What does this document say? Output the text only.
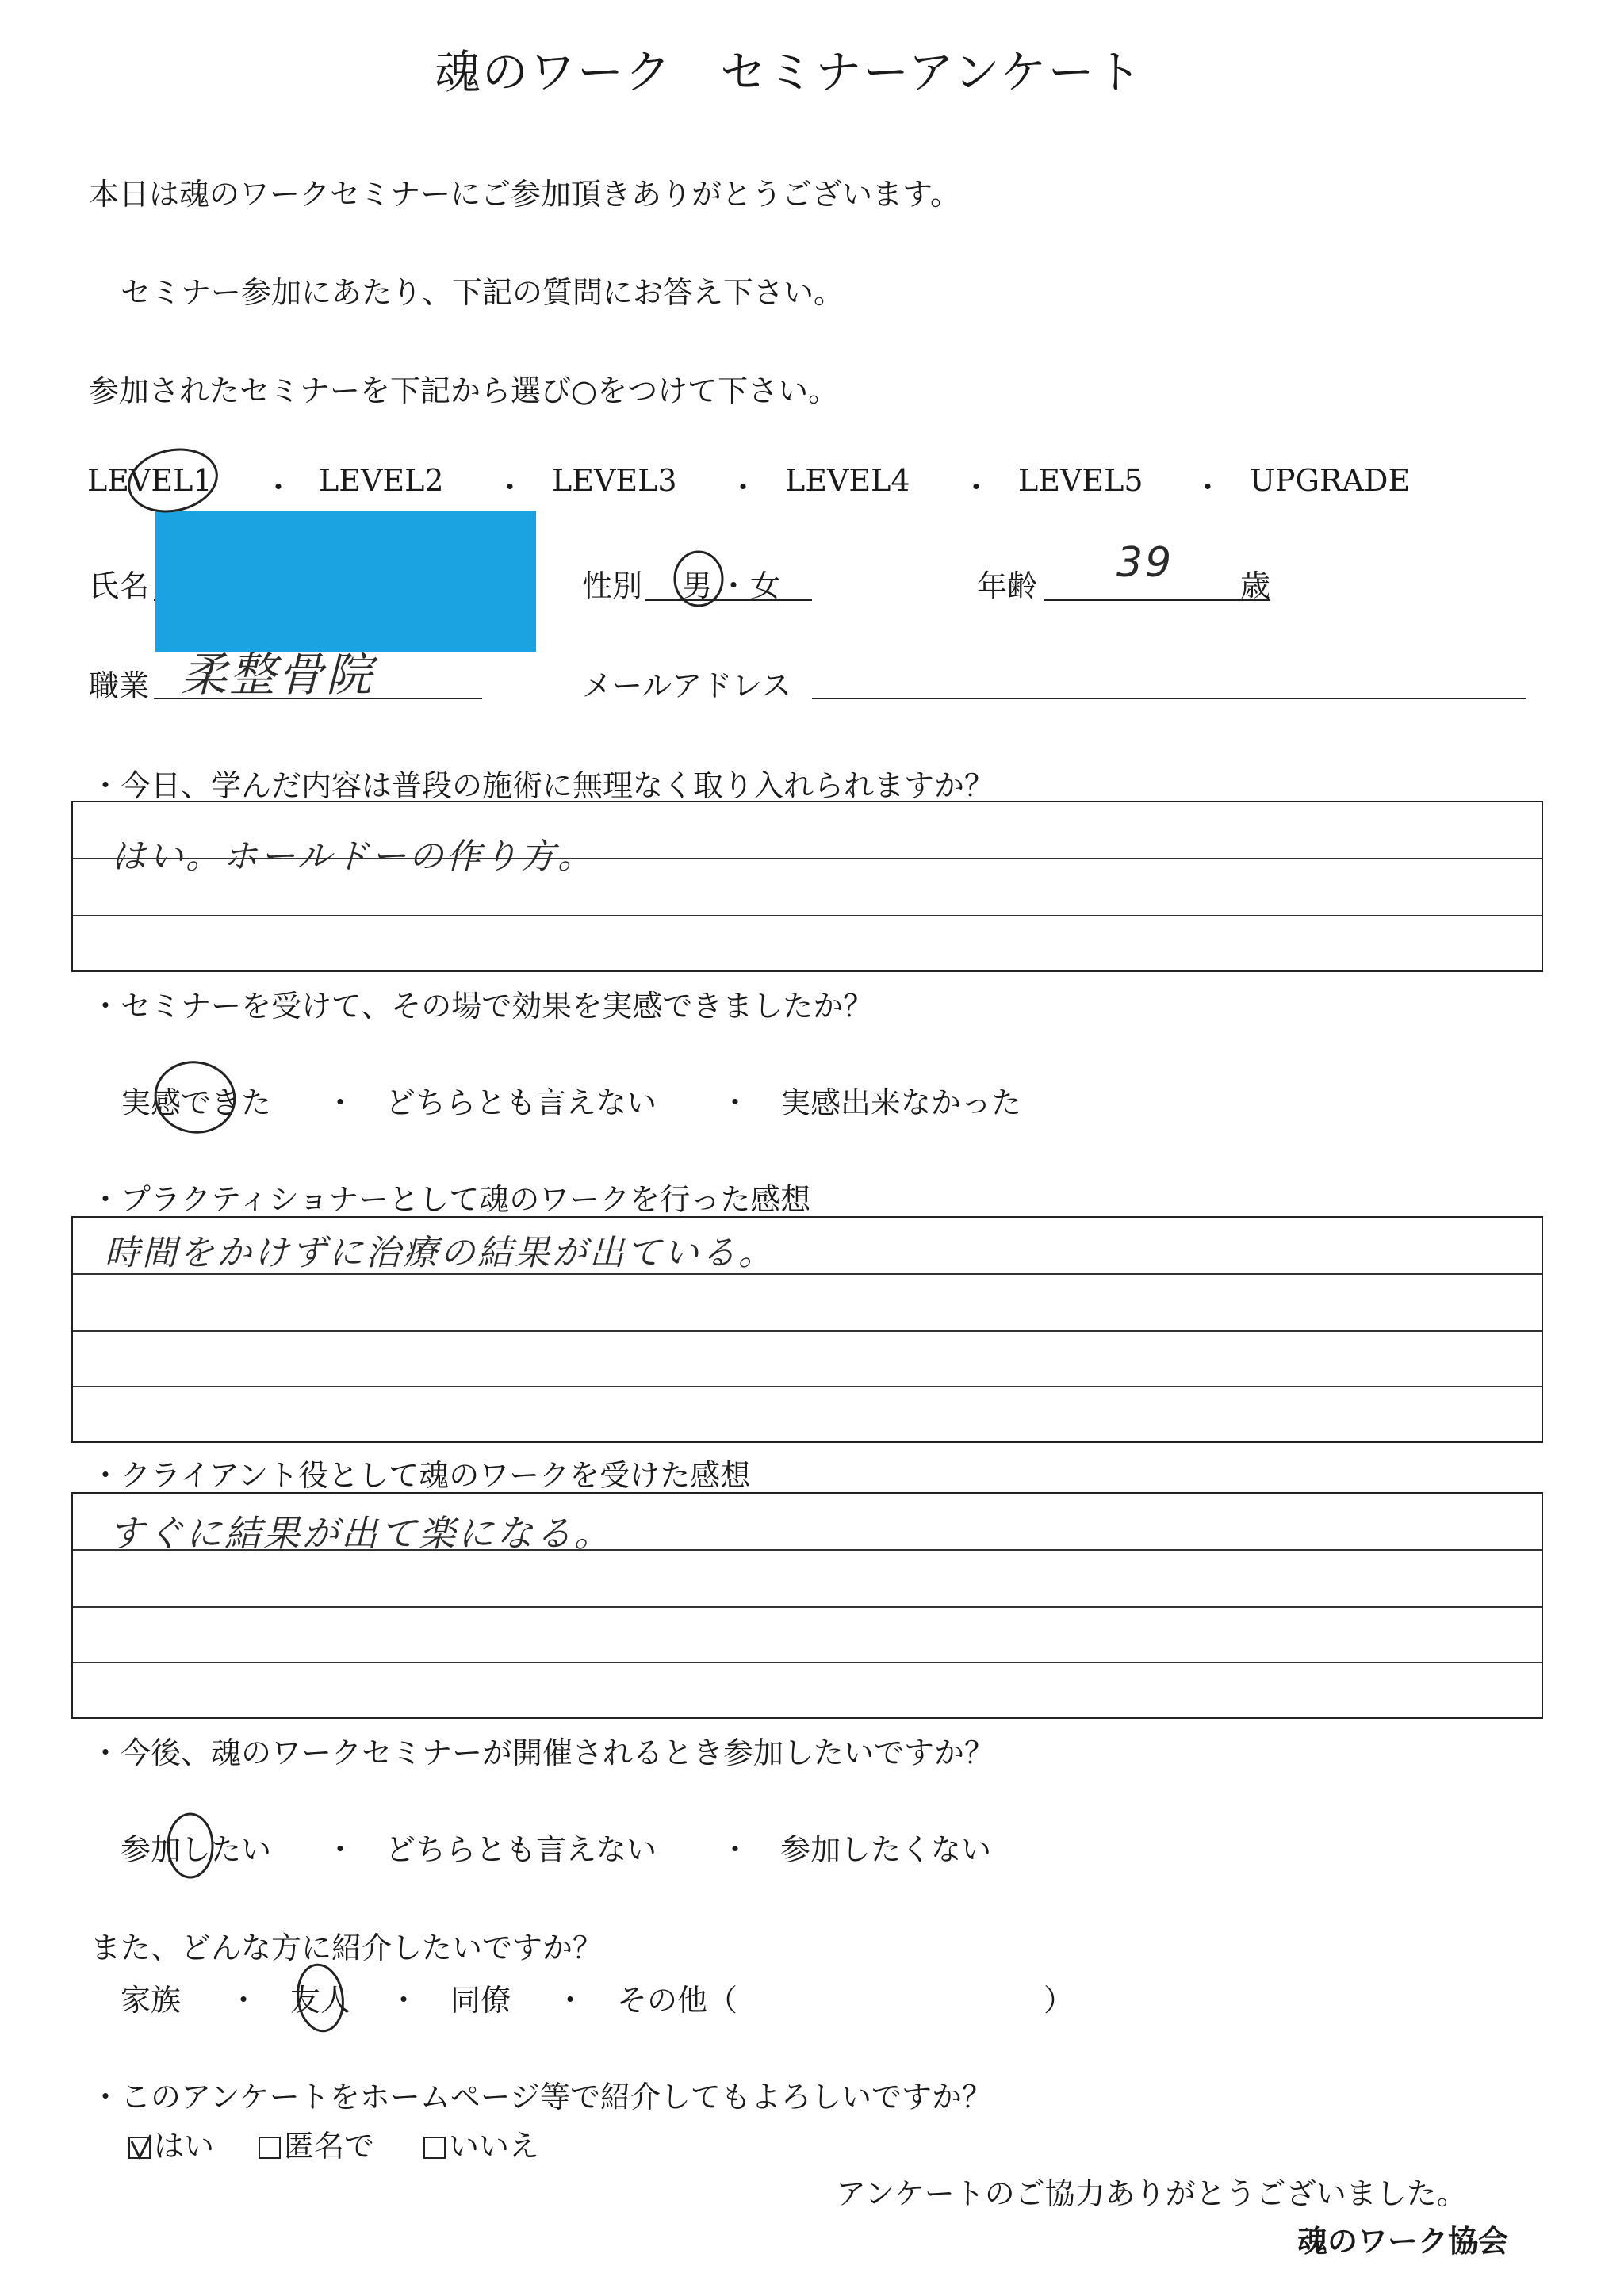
魂のワーク　セミナーアンケート
本日は魂のワークセミナーにご参加頂きありがとうございます。
セミナー参加にあたり、下記の質問にお答え下さい。
参加されたセミナーを下記から選び○をつけて下さい。
LEVEL1 ・ LEVEL2 ・ LEVEL3 ・ LEVEL4 ・ LEVEL5 ・ UPGRADE
氏名	性別 男 ・ 女	年齢 39 歳
職業 柔整骨院	メールアドレス
・今日、学んだ内容は普段の施術に無理なく取り入れられますか？
はい。ホールドーの作り方。
・セミナーを受けて、その場で効果を実感できましたか？
実感できた ・ どちらとも言えない ・ 実感出来なかった
・プラクティショナーとして魂のワークを行った感想
時間をかけずに治療の結果が出ている。
・クライアント役として魂のワークを受けた感想
すぐに結果が出て楽になる。
・今後、魂のワークセミナーが開催されるとき参加したいですか？
参加したい ・ どちらとも言えない ・ 参加したくない
また、どんな方に紹介したいですか？
家族 ・ 友人 ・ 同僚 ・ その他（	）
・このアンケートをホームページ等で紹介してもよろしいですか？
はい	匿名で	いいえ
アンケートのご協力ありがとうございました。
魂のワーク協会
